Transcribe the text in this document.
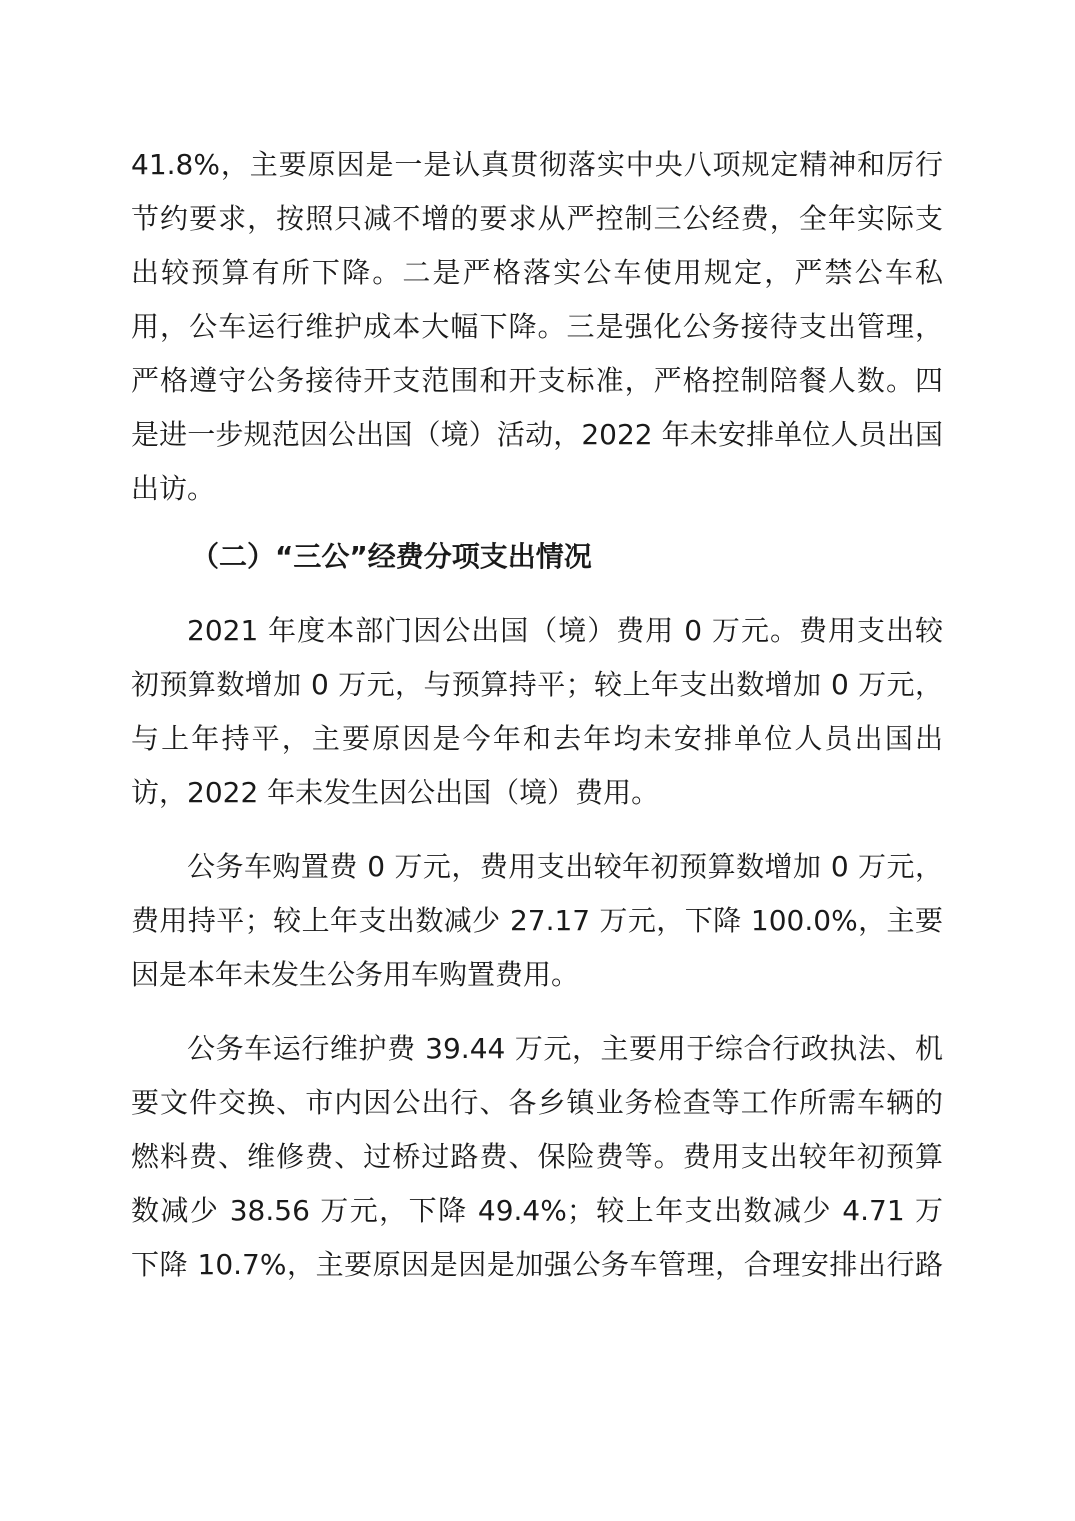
41.8%，主要原因是一是认真贯彻落实中央八项规定精神和厉行
节约要求，按照只减不增的要求从严控制三公经费，全年实际支
出较预算有所下降。二是严格落实公车使用规定，严禁公车私
用，公车运行维护成本大幅下降。三是强化公务接待支出管理，
严格遵守公务接待开支范围和开支标准，严格控制陪餐人数。四
是进一步规范因公出国（境）活动，2022 年未安排单位人员出国
出访。
（二）“三公”经费分项支出情况
2021 年度本部门因公出国（境）费用 0 万元。费用支出较
初预算数增加 0 万元，与预算持平；较上年支出数增加 0 万元，
与上年持平，主要原因是今年和去年均未安排单位人员出国出
访，2022 年未发生因公出国（境）费用。
公务车购置费 0 万元，费用支出较年初预算数增加 0 万元，
费用持平；较上年支出数减少 27.17 万元，下降 100.0%，主要
因是本年未发生公务用车购置费用。
公务车运行维护费 39.44 万元，主要用于综合行政执法、机
要文件交换、市内因公出行、各乡镇业务检查等工作所需车辆的
燃料费、维修费、过桥过路费、保险费等。费用支出较年初预算
数减少 38.56 万元，下降 49.4%；较上年支出数减少 4.71 万
下降 10.7%，主要原因是因是加强公务车管理，合理安排出行路
